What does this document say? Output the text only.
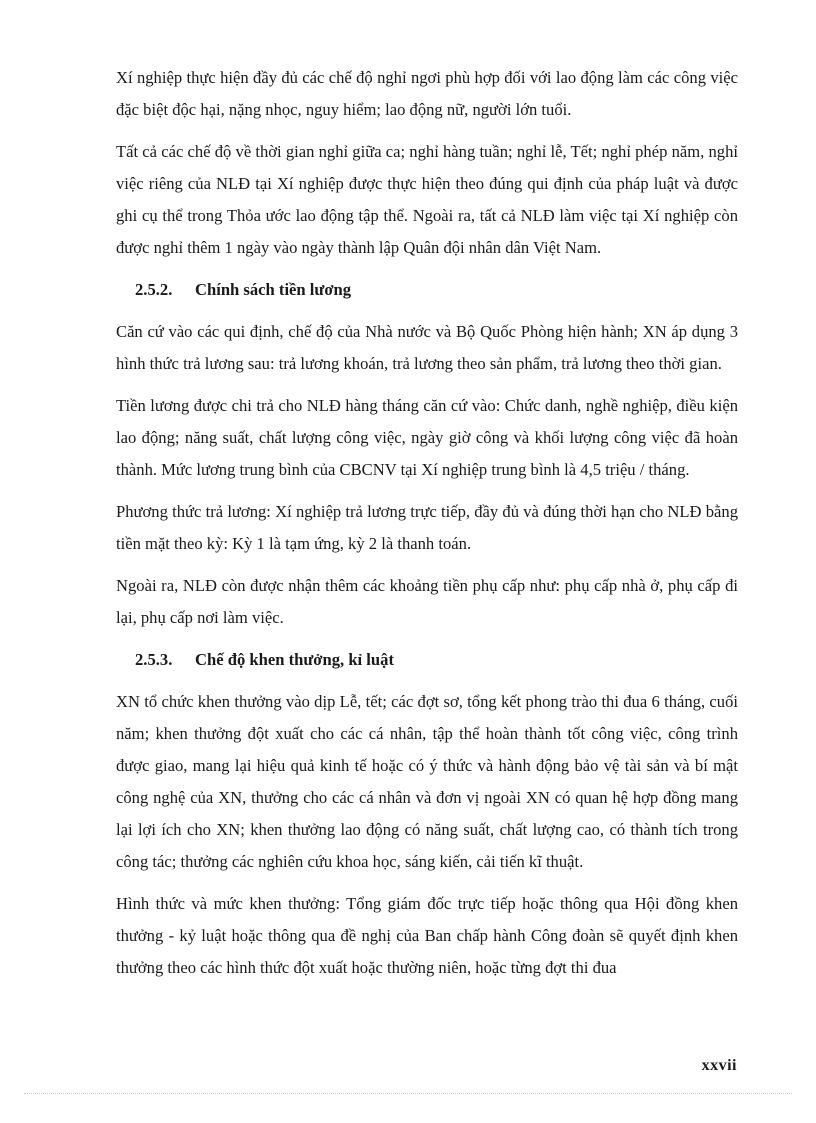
Xí nghiệp thực hiện đầy đủ các chế độ nghỉ ngơi phù hợp đối với lao động làm các công việc đặc biệt độc hại, nặng nhọc, nguy hiểm; lao động nữ, người lớn tuổi.

Tất cả các chế độ về thời gian nghỉ giữa ca; nghỉ hàng tuần; nghỉ lễ, Tết; nghỉ phép năm, nghỉ việc riêng của NLĐ tại Xí nghiệp được thực hiện theo đúng qui định của pháp luật và được ghi cụ thể trong Thỏa ước lao động tập thể. Ngoài ra, tất cả NLĐ làm việc tại Xí nghiệp còn được nghỉ thêm 1 ngày vào ngày thành lập Quân đội nhân dân Việt Nam.

2.5.2. Chính sách tiền lương

Căn cứ vào các qui định, chế độ của Nhà nước và Bộ Quốc Phòng hiện hành; XN áp dụng 3 hình thức trả lương sau: trả lương khoán, trả lương theo sản phẩm, trả lương theo thời gian.

Tiền lương được chi trả cho NLĐ hàng tháng căn cứ vào: Chức danh, nghề nghiệp, điều kiện lao động; năng suất, chất lượng công việc, ngày giờ công và khối lượng công việc đã hoàn thành. Mức lương trung bình của CBCNV tại Xí nghiệp trung bình là 4,5 triệu / tháng.

Phương thức trả lương: Xí nghiệp trả lương trực tiếp, đầy đủ và đúng thời hạn cho NLĐ bằng tiền mặt theo kỳ: Kỳ 1 là tạm ứng, kỳ 2 là thanh toán.

Ngoài ra, NLĐ còn được nhận thêm các khoảng tiền phụ cấp như: phụ cấp nhà ở, phụ cấp đi lại, phụ cấp nơi làm việc.

2.5.3. Chế độ khen thưởng, kỉ luật

XN tổ chức khen thưởng vào dịp Lễ, tết; các đợt sơ, tổng kết phong trào thi đua 6 tháng, cuối năm; khen thưởng đột xuất cho các cá nhân, tập thể hoàn thành tốt công việc, công trình được giao, mang lại hiệu quả kinh tế hoặc có ý thức và hành động bảo vệ tài sản và bí mật công nghệ của XN, thưởng cho các cá nhân và đơn vị ngoài XN có quan hệ hợp đồng mang lại lợi ích cho XN; khen thưởng lao động có năng suất, chất lượng cao, có thành tích trong công tác; thưởng các nghiên cứu khoa học, sáng kiến, cải tiến kĩ thuật.

Hình thức và mức khen thưởng: Tổng giám đốc trực tiếp hoặc thông qua Hội đồng khen thưởng - kỷ luật hoặc thông qua đề nghị của Ban chấp hành Công đoàn sẽ quyết định khen thưởng theo các hình thức đột xuất hoặc thường niên, hoặc từng đợt thi đua

xxvii
